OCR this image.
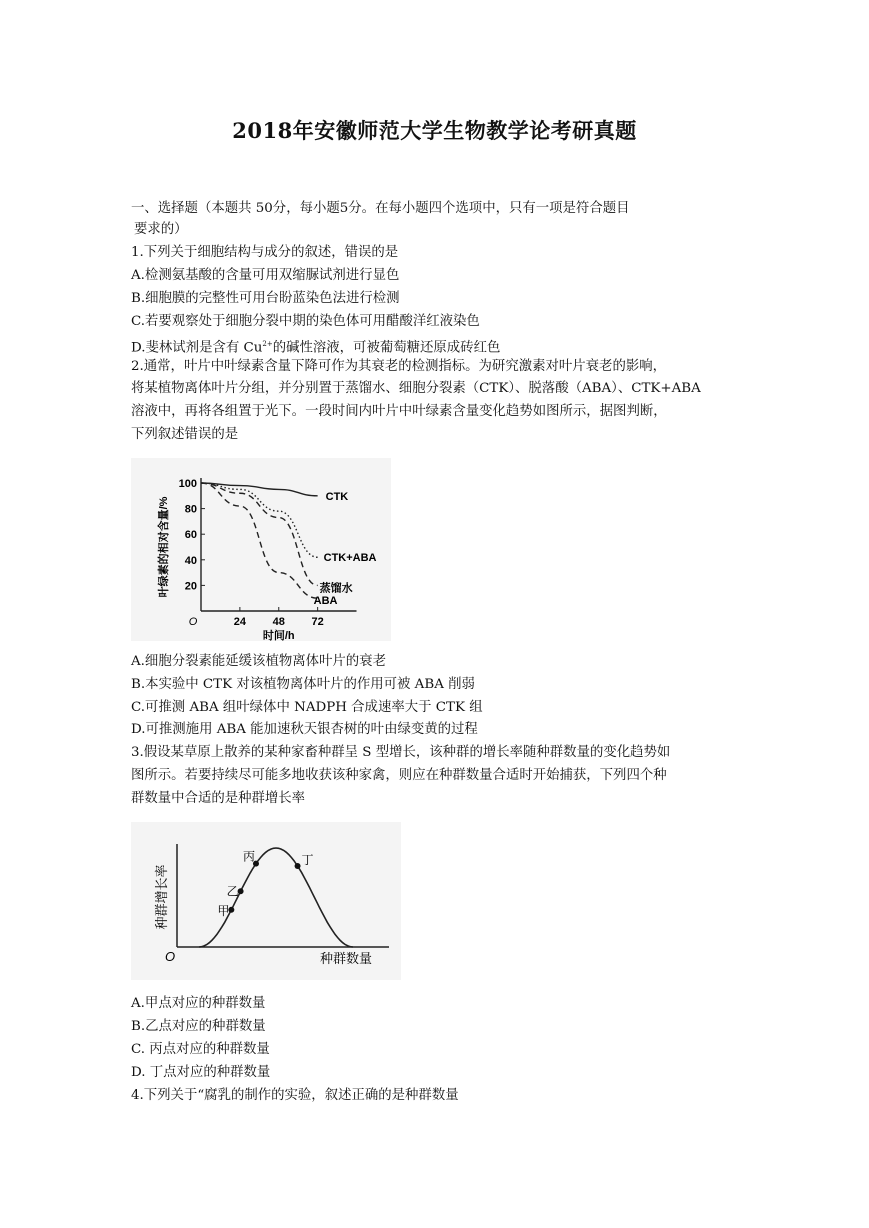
2018年安徽师范大学生物教学论考研真题
一、选择题（本题共 50分，每小题5分。在每小题四个选项中，只有一项是符合题目
要求的）
1.下列关于细胞结构与成分的叙述，错误的是
A.检测氨基酸的含量可用双缩脲试剂进行显色
B.细胞膜的完整性可用台盼蓝染色法进行检测
C.若要观察处于细胞分裂中期的染色体可用醋酸洋红液染色
D.斐林试剂是含有 $Cu^{2+}$的碱性溶液，可被葡萄糖还原成砖红色
2.通常，叶片中叶绿素含量下降可作为其衰老的检测指标。为研究激素对叶片衰老的影响，
将某植物离体叶片分组，并分别置于蒸馏水、细胞分裂素（CTK）、脱落酸（ABA）、CTK+ABA
溶液中，再将各组置于光下。一段时间内叶片中叶绿素含量变化趋势如图所示，据图判断，
下列叙述错误的是
100
80
60
40
20
24 48 72
O
时间/h
叶绿素的相对含量/%	CTK
CTK+ABA
蒸馏水
ABA
A.细胞分裂素能延缓该植物离体叶片的衰老
B.本实验中 CTK 对该植物离体叶片的作用可被 ABA 削弱
C.可推测 ABA 组叶绿体中 NADPH 合成速率大于 CTK 组
D.可推测施用 ABA 能加速秋天银杏树的叶由绿变黄的过程
3.假设某草原上散养的某种家畜种群呈 S 型增长，该种群的增长率随种群数量的变化趋势如
图所示。若要持续尽可能多地收获该种家禽，则应在种群数量合适时开始捕获，下列四个种
群数量中合适的是种群增长率
O	种群数量
种群增长率	甲
乙
丙	丁
A.甲点对应的种群数量
B.乙点对应的种群数量
C. 丙点对应的种群数量
D. 丁点对应的种群数量
4.下列关于“腐乳的制作的实验，叙述正确的是种群数量
